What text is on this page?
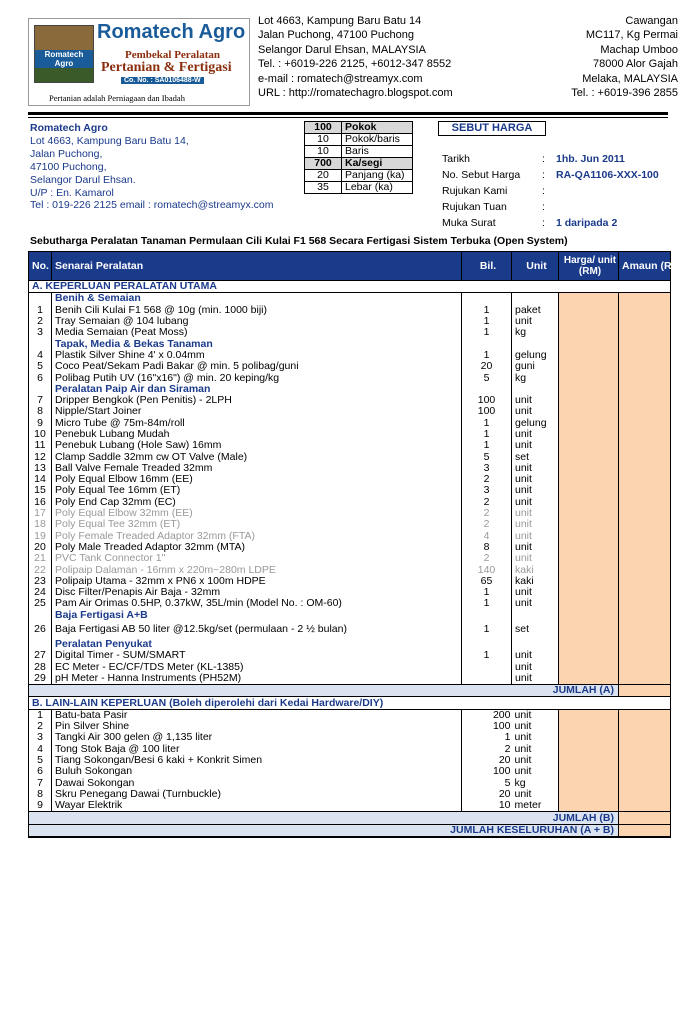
Romatech Agro
Romatech Agro
Pembekal Peralatan
Pertanian & Fertigasi
Co. No. : SA0106488-W
Pertanian adalah Perniagaan dan Ibadah
Lot 4663, Kampung Baru Batu 14
Jalan Puchong, 47100 Puchong
Selangor Darul Ehsan, MALAYSIA
Tel. : +6019-226 2125, +6012-347 8552
e-mail : romatech@streamyx.com
URL : http://romatechagro.blogspot.com
Cawangan
MC117, Kg Permai
Machap Umboo
78000 Alor Gajah
Melaka, MALAYSIA
Tel. : +6019-396 2855
Romatech Agro
Lot 4663, Kampung Baru Batu 14,
Jalan Puchong,
47100 Puchong,
Selangor Darul Ehsan.
U/P : En. Kamarol
Tel : 019-226 2125 email : romatech@streamyx.com
100	Pokok
10	Pokok/baris
10	Baris
700	Ka/segi
20	Panjang (ka)
35	Lebar (ka)
SEBUT HARGA
Tarikh	:	1hb. Jun 2011
No. Sebut Harga	:	RA-QA1106-XXX-100
Rujukan Kami	:	
Rujukan Tuan	:	
Muka Surat	:	1 daripada 2
Sebutharga Peralatan Tanaman Permulaan Cili Kulai F1 568 Secara Fertigasi Sistem Terbuka (Open System)
No.	Senarai Peralatan	Bil.	Unit	Harga/ unit (RM)	Amaun (RM)
A. KEPERLUAN PERALATAN UTAMA					
	Benih & Semaian				
1	Benih Cili Kulai F1 568 @ 10g (min. 1000 biji)	1	paket		
2	Tray Semaian @ 104 lubang	1	unit		
3	Media Semaian (Peat Moss)	1	kg		
	Tapak, Media & Bekas Tanaman				
4	Plastik Silver Shine 4' x 0.04mm	1	gelung		
5	Coco Peat/Sekam Padi Bakar @ min. 5 polibag/guni	20	guni		
6	Polibag Putih UV (16"x16") @ min. 20 keping/kg	5	kg		
	Peralatan Paip Air dan Siraman				
7	Dripper Bengkok (Pen Penitis) - 2LPH	100	unit		
8	Nipple/Start Joiner	100	unit		
9	Micro Tube @ 75m-84m/roll	1	gelung		
10	Penebuk Lubang Mudah	1	unit		
11	Penebuk Lubang (Hole Saw) 16mm	1	unit		
12	Clamp Saddle 32mm cw OT Valve (Male)	5	set		
13	Ball Valve Female Treaded 32mm	3	unit		
14	Poly Equal Elbow 16mm (EE)	2	unit		
15	Poly Equal Tee 16mm (ET)	3	unit		
16	Poly End Cap 32mm (EC)	2	unit		
17	Poly Equal Elbow 32mm (EE)	2	unit		
18	Poly Equal Tee 32mm (ET)	2	unit		
19	Poly Female Treaded Adaptor 32mm (FTA)	4	unit		
20	Poly Male Treaded Adaptor 32mm (MTA)	8	unit		
21	PVC Tank Connector 1"	2	unit		
22	Polipaip Dalaman - 16mm x 220m~280m LDPE	140	kaki		
23	Polipaip Utama - 32mm x PN6 x 100m HDPE	65	kaki		
24	Disc Filter/Penapis Air Baja - 32mm	1	unit		
25	Pam Air Orimas 0.5HP, 0.37kW, 35L/min (Model No. : OM-60)	1	unit		
	Baja Fertigasi A+B				
26	Baja Fertigasi AB 50 liter @12.5kg/set (permulaan - 2 ½ bulan)	1	set		
	Peralatan Penyukat				
27	Digital Timer - SUM/SMART	1	unit		
28	EC Meter - EC/CF/TDS Meter (KL-1385)		unit		
29	pH Meter - Hanna Instruments (PH52M)		unit		
JUMLAH (A)					
B. LAIN-LAIN KEPERLUAN (Boleh diperolehi dari Kedai Hardware/DIY)					
1	Batu-bata Pasir	200	unit		
2	Pin Silver Shine	100	unit		
3	Tangki Air 300 gelen @ 1,135 liter	1	unit		
4	Tong Stok Baja @ 100 liter	2	unit		
5	Tiang Sokongan/Besi 6 kaki + Konkrit Simen	20	unit		
6	Buluh Sokongan	100	unit		
7	Dawai Sokongan	5	kg		
8	Skru Penegang Dawai (Turnbuckle)	20	unit		
9	Wayar Elektrik	10	meter		
JUMLAH (B)					
JUMLAH KESELURUHAN (A + B)					
